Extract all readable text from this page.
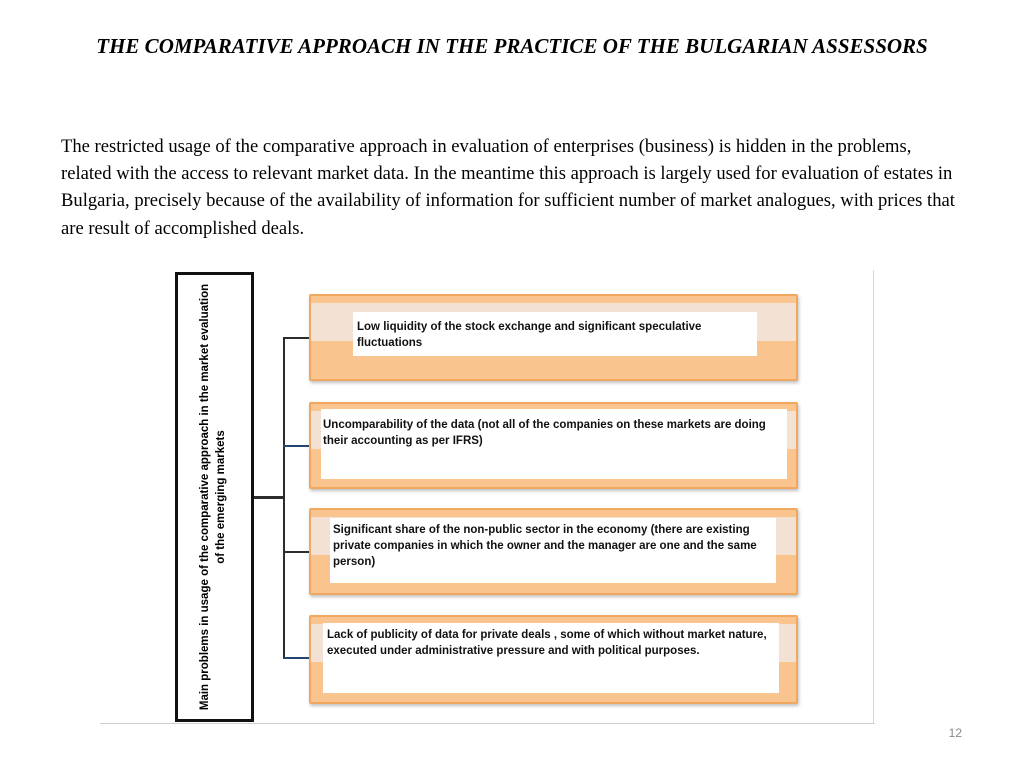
THE COMPARATIVE APPROACH IN THE PRACTICE OF THE BULGARIAN ASSESSORS

The restricted usage of the comparative approach in evaluation of enterprises (business) is hidden in the problems, related with the access to relevant market data. In the meantime this approach is largely used for evaluation of estates in Bulgaria, precisely because of the availability of information for sufficient number of market analogues, with prices that are result of accomplished deals.

Main problems in usage of the comparative approach in the market evaluation of the emerging markets
Low liquidity of the stock exchange and significant speculative fluctuations
Uncomparability of the data (not all of the companies on these markets are doing their accounting as per IFRS)
Significant share of the non-public sector in the economy (there are existing private companies in which the owner and the manager are one and the same person)
Lack of publicity of data for private deals , some of which without market nature, executed under administrative pressure and with political purposes.
12
